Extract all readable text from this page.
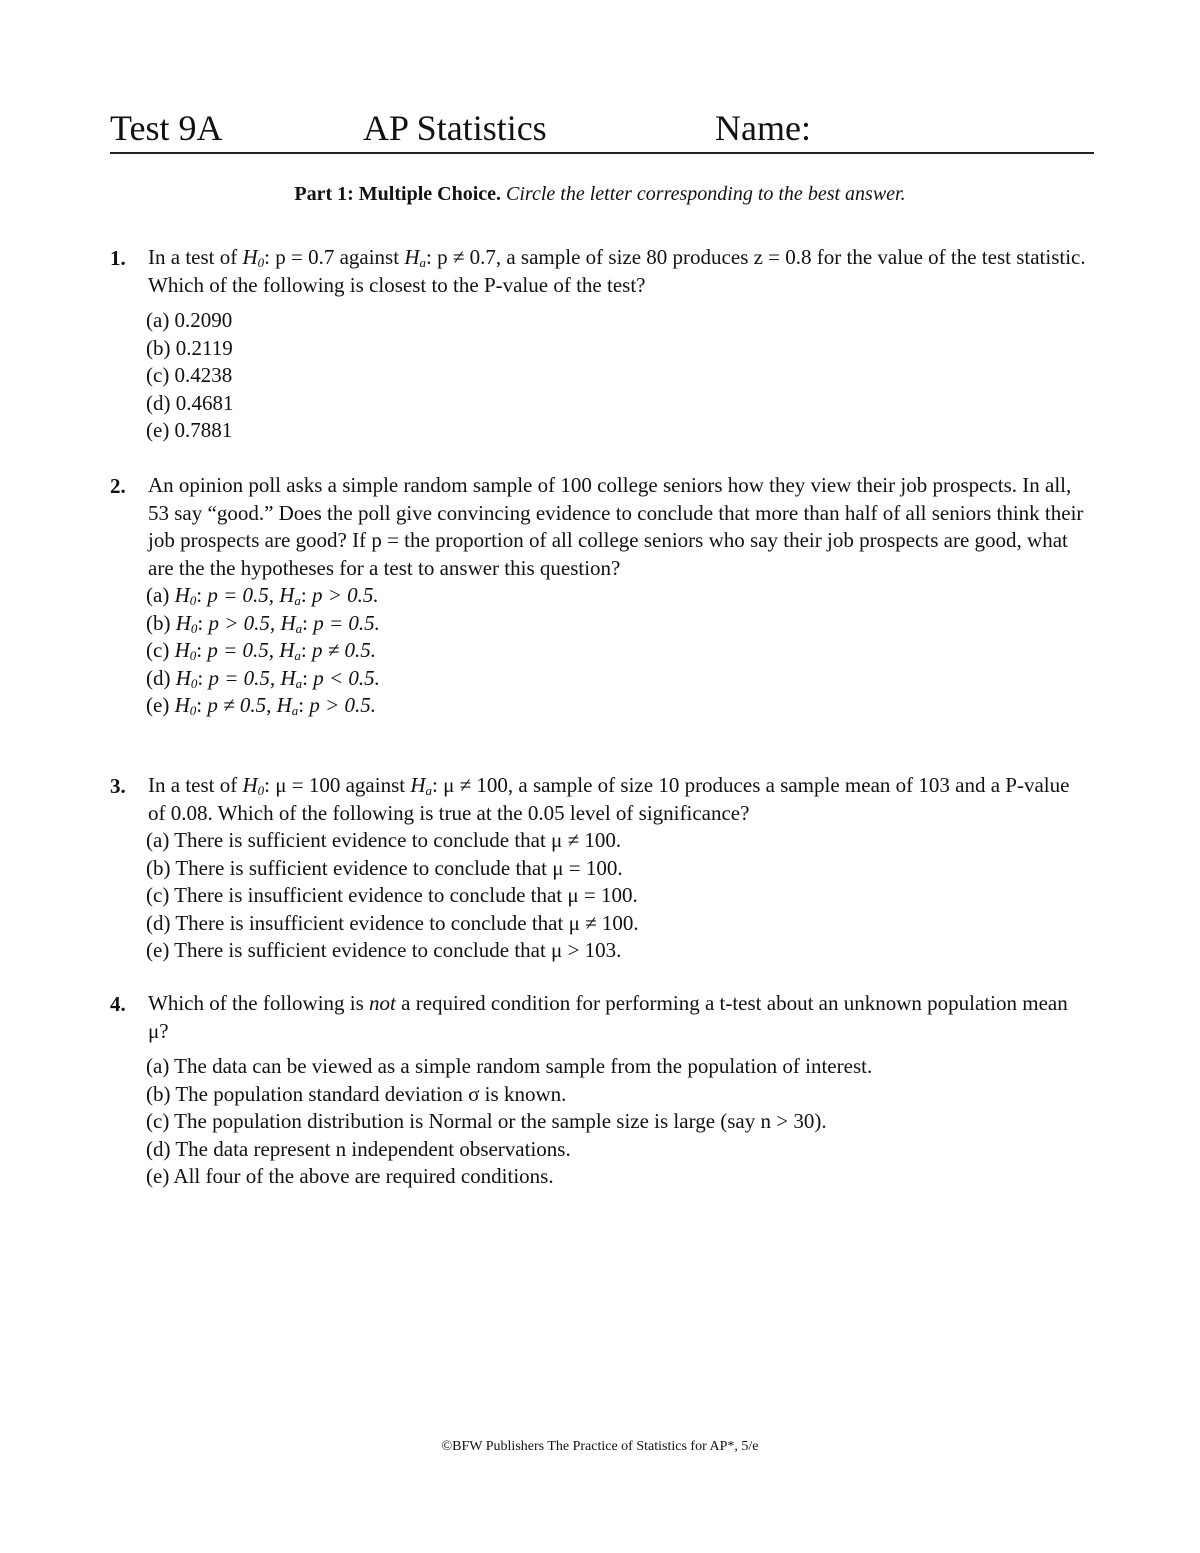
Test 9A	AP Statistics	Name:
Part 1: Multiple Choice. Circle the letter corresponding to the best answer.
1. In a test of $H_0$: p = 0.7 against $H_a$: p ≠ 0.7, a sample of size 80 produces z = 0.8 for the value of the test statistic. Which of the following is closest to the P-value of the test?
(a) 0.2090
(b) 0.2119
(c) 0.4238
(d) 0.4681
(e) 0.7881
2. An opinion poll asks a simple random sample of 100 college seniors how they view their job prospects. In all, 53 say “good.” Does the poll give convincing evidence to conclude that more than half of all seniors think their job prospects are good? If p = the proportion of all college seniors who say their job prospects are good, what are the the hypotheses for a test to answer this question?
(a) $H_0$: p = 0.5, $H_a$: p > 0.5.
(b) $H_0$: p > 0.5, $H_a$: p = 0.5.
(c) $H_0$: p = 0.5, $H_a$: p ≠ 0.5.
(d) $H_0$: p = 0.5, $H_a$: p < 0.5.
(e) $H_0$: p ≠ 0.5, $H_a$: p > 0.5.
3. In a test of $H_0$: μ = 100 against $H_a$: μ ≠ 100, a sample of size 10 produces a sample mean of 103 and a P-value of 0.08. Which of the following is true at the 0.05 level of significance?
(a) There is sufficient evidence to conclude that μ ≠ 100.
(b) There is sufficient evidence to conclude that μ = 100.
(c) There is insufficient evidence to conclude that μ = 100.
(d) There is insufficient evidence to conclude that μ ≠ 100.
(e) There is sufficient evidence to conclude that μ > 103.
4. Which of the following is not a required condition for performing a t-test about an unknown population mean μ?
(a) The data can be viewed as a simple random sample from the population of interest.
(b) The population standard deviation σ is known.
(c) The population distribution is Normal or the sample size is large (say n > 30).
(d) The data represent n independent observations.
(e) All four of the above are required conditions.
©BFW Publishers The Practice of Statistics for AP*, 5/e
